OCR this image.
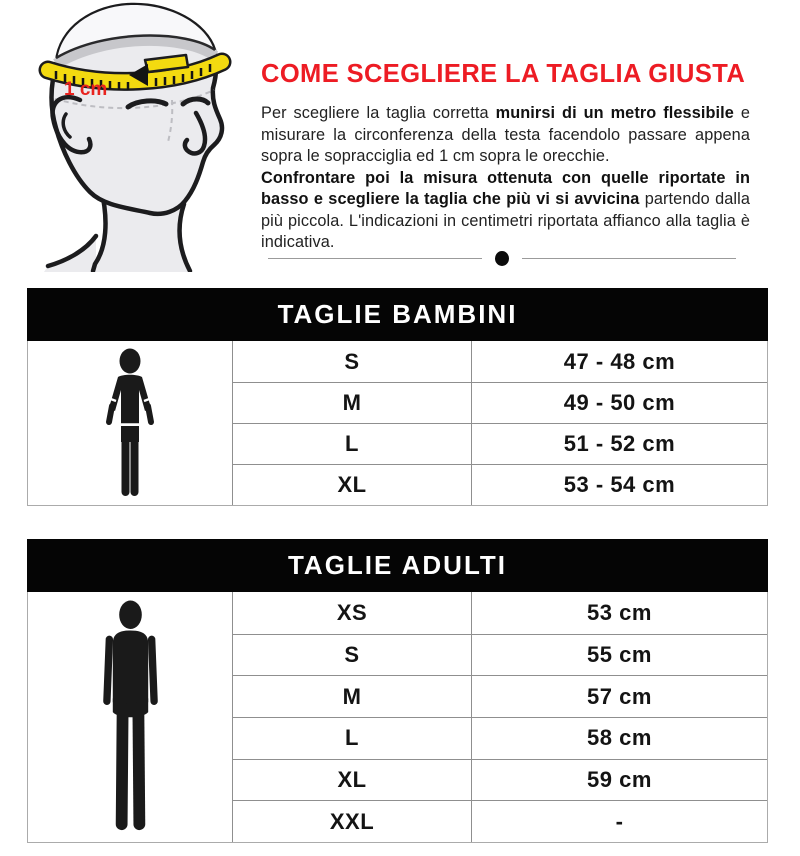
1 cm
COME SCEGLIERE LA TAGLIA GIUSTA

Per scegliere la taglia corretta munirsi di un metro flessibile e misurare la circonferenza della testa facendolo passare appena sopra le sopracciglia ed 1 cm sopra le orecchie.

Confrontare poi la misura ottenuta con quelle riportate in basso e scegliere la taglia che più vi si avvicina partendo dalla più piccola. L'indicazioni in centimetri riportata affianco alla taglia è indicativa.

TAGLIE BAMBINI
S	47 - 48 cm
M	49 - 50 cm
L	51 - 52 cm
XL	53 - 54 cm
TAGLIE ADULTI
XS	53 cm
S	55 cm
M	57 cm
L	58 cm
XL	59 cm
XXL	-
